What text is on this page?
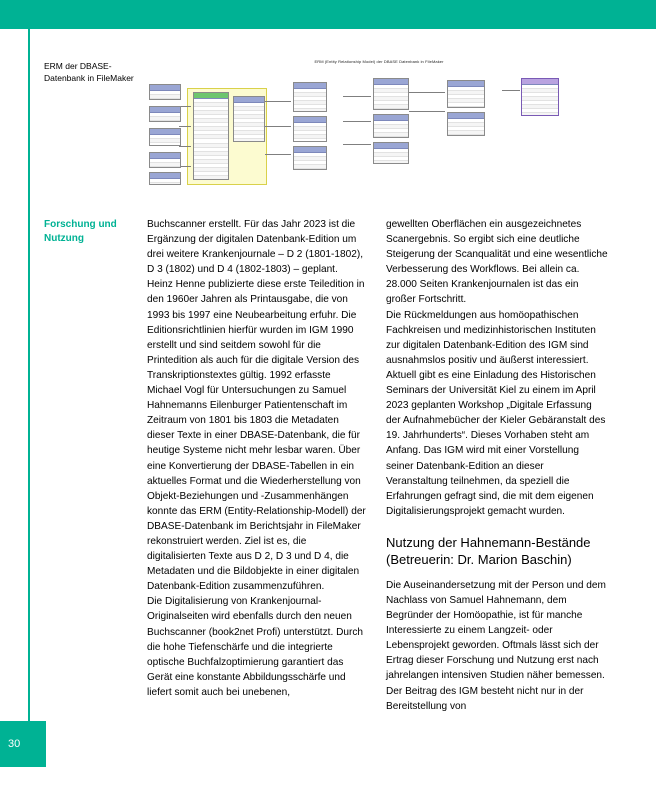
30
ERM der DBASE-Datenbank in FileMaker
ERM (Entity Relationship Model) der DBASE Datenbank in FileMaker
Forschung und
Nutzung

Buchscanner erstellt. Für das Jahr 2023 ist die Ergänzung der digitalen Datenbank-Edition um drei weitere Krankenjournale – D 2 (1801-1802), D 3 (1802) und D 4 (1802-1803) – geplant. Heinz Henne publizierte diese erste Teiledition in den 1960er Jahren als Printausgabe, die von 1993 bis 1997 eine Neubearbeitung erfuhr. Die Editionsrichtlinien hierfür wurden im IGM 1990 erstellt und sind seitdem sowohl für die Printedition als auch für die digitale Version des Transkriptionstextes gültig. 1992 erfasste Michael Vogl für Untersuchungen zu Samuel Hahnemanns Eilenburger Patientenschaft im Zeitraum von 1801 bis 1803 die Metadaten dieser Texte in einer DBASE-Datenbank, die für heutige Systeme nicht mehr lesbar waren. Über eine Konvertierung der DBASE-Tabellen in ein aktuelles Format und die Wiederherstellung von Objekt-Beziehungen und -Zusammenhängen konnte das ERM (Entity-Relationship-Modell) der DBASE-Datenbank im Berichtsjahr in FileMaker rekonstruiert werden. Ziel ist es, die digitalisierten Texte aus D 2, D 3 und D 4, die Metadaten und die Bildobjekte in einer digitalen Datenbank-Edition zusammenzuführen.

Die Digitalisierung von Krankenjournal-Originalseiten wird ebenfalls durch den neuen Buchscanner (book2net Profi) unterstützt. Durch die hohe Tiefenschärfe und die integrierte optische Buchfalzoptimierung garantiert das Gerät eine konstante Abbildungsschärfe und liefert somit auch bei unebenen,

gewellten Oberflächen ein ausgezeichnetes Scanergebnis. So ergibt sich eine deutliche Steigerung der Scanqualität und eine wesentliche Verbesserung des Workflows. Bei allein ca. 28.000 Seiten Krankenjournalen ist das ein großer Fortschritt.

Die Rückmeldungen aus homöopathischen Fachkreisen und medizinhistorischen Instituten zur digitalen Datenbank-Edition des IGM sind ausnahmslos positiv und äußerst interessiert. Aktuell gibt es eine Einladung des Historischen Seminars der Universität Kiel zu einem im April 2023 geplanten Workshop „Digitale Erfassung der Aufnahmebücher der Kieler Gebäranstalt des 19. Jahrhunderts“. Dieses Vorhaben steht am Anfang. Das IGM wird mit einer Vorstellung seiner Datenbank-Edition an dieser Veranstaltung teilnehmen, da speziell die Erfahrungen gefragt sind, die mit dem eigenen Digitalisierungsprojekt gemacht wurden.

Nutzung der Hahnemann-Bestände
(Betreuerin: Dr. Marion Baschin)

Die Auseinandersetzung mit der Person und dem Nachlass von Samuel Hahnemann, dem Begründer der Homöopathie, ist für manche Interessierte zu einem Langzeit- oder Lebensprojekt geworden. Oftmals lässt sich der Ertrag dieser Forschung und Nutzung erst nach jahrelangen intensiven Studien näher bemessen. Der Beitrag des IGM besteht nicht nur in der Bereitstellung von
